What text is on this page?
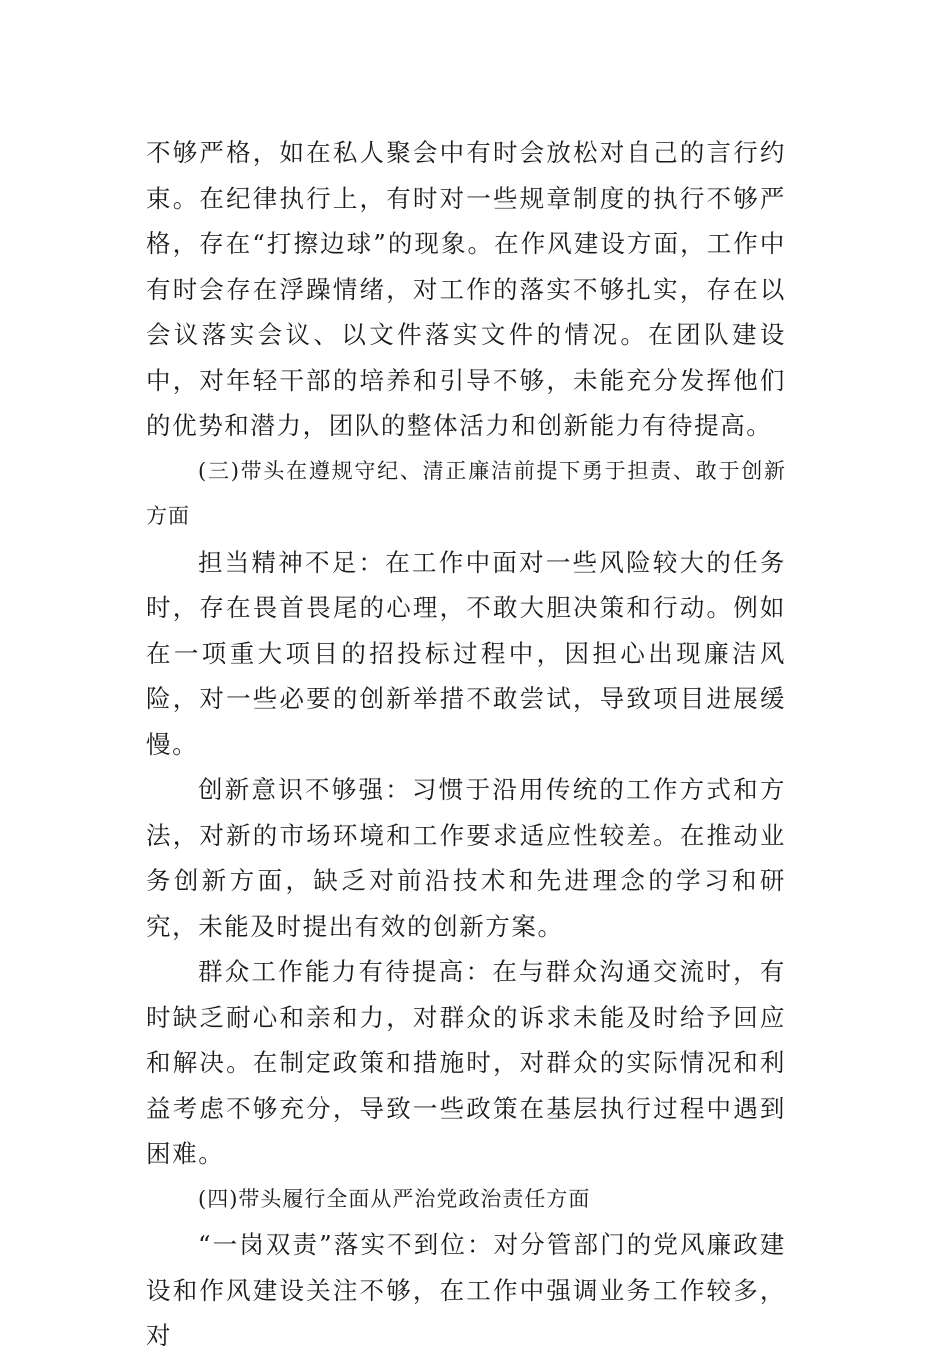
不够严格，如在私人聚会中有时会放松对自己的言行约束。在纪律执行上，有时对一些规章制度的执行不够严格，存在“打擦边球”的现象。在作风建设方面，工作中有时会存在浮躁情绪，对工作的落实不够扎实，存在以会议落实会议、以文件落实文件的情况。在团队建设中，对年轻干部的培养和引导不够，未能充分发挥他们的优势和潜力，团队的整体活力和创新能力有待提高。

(三)带头在遵规守纪、清正廉洁前提下勇于担责、敢于创新方面

担当精神不足：在工作中面对一些风险较大的任务时，存在畏首畏尾的心理，不敢大胆决策和行动。例如在一项重大项目的招投标过程中，因担心出现廉洁风险，对一些必要的创新举措不敢尝试，导致项目进展缓慢。

创新意识不够强：习惯于沿用传统的工作方式和方法，对新的市场环境和工作要求适应性较差。在推动业务创新方面，缺乏对前沿技术和先进理念的学习和研究，未能及时提出有效的创新方案。

群众工作能力有待提高：在与群众沟通交流时，有时缺乏耐心和亲和力，对群众的诉求未能及时给予回应和解决。在制定政策和措施时，对群众的实际情况和利益考虑不够充分，导致一些政策在基层执行过程中遇到困难。

(四)带头履行全面从严治党政治责任方面

“一岗双责”落实不到位：对分管部门的党风廉政建设和作风建设关注不够，在工作中强调业务工作较多，对
